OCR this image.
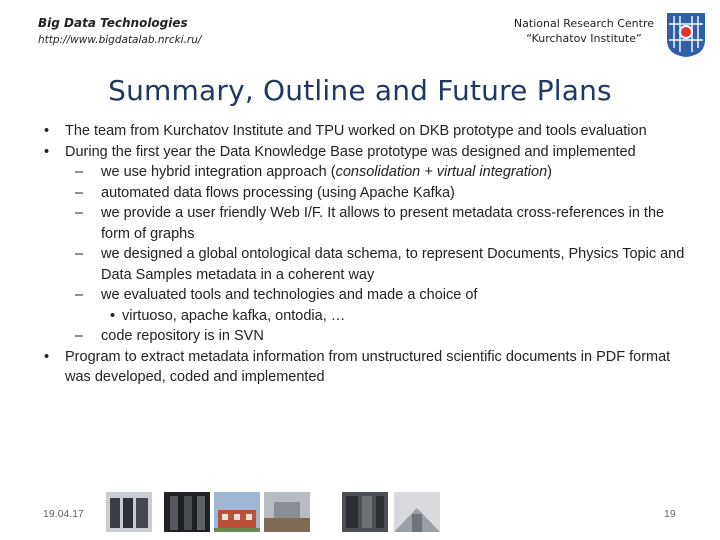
Big Data Technologies
http://www.bigdatalab.nrcki.ru/
National Research Centre
“Kurchatov Institute”
Summary, Outline and Future Plans
• The team from Kurchatov Institute and TPU worked on DKB prototype and tools evaluation
• During the first year the Data Knowledge Base prototype was designed and implemented
– we use hybrid integration approach (consolidation + virtual integration)
– automated data flows processing (using Apache Kafka)
– we provide a user friendly Web I/F. It allows to present metadata cross-references in the form of graphs
– we designed a global ontological data schema, to represent Documents, Physics Topic and Data Samples metadata in a coherent way
– we evaluated tools and technologies and made a choice of
• virtuoso, apache kafka, ontodia, …
– code repository is in SVN
• Program to extract metadata information from unstructured scientific documents in PDF format was developed, coded and implemented
19.04.17	19
